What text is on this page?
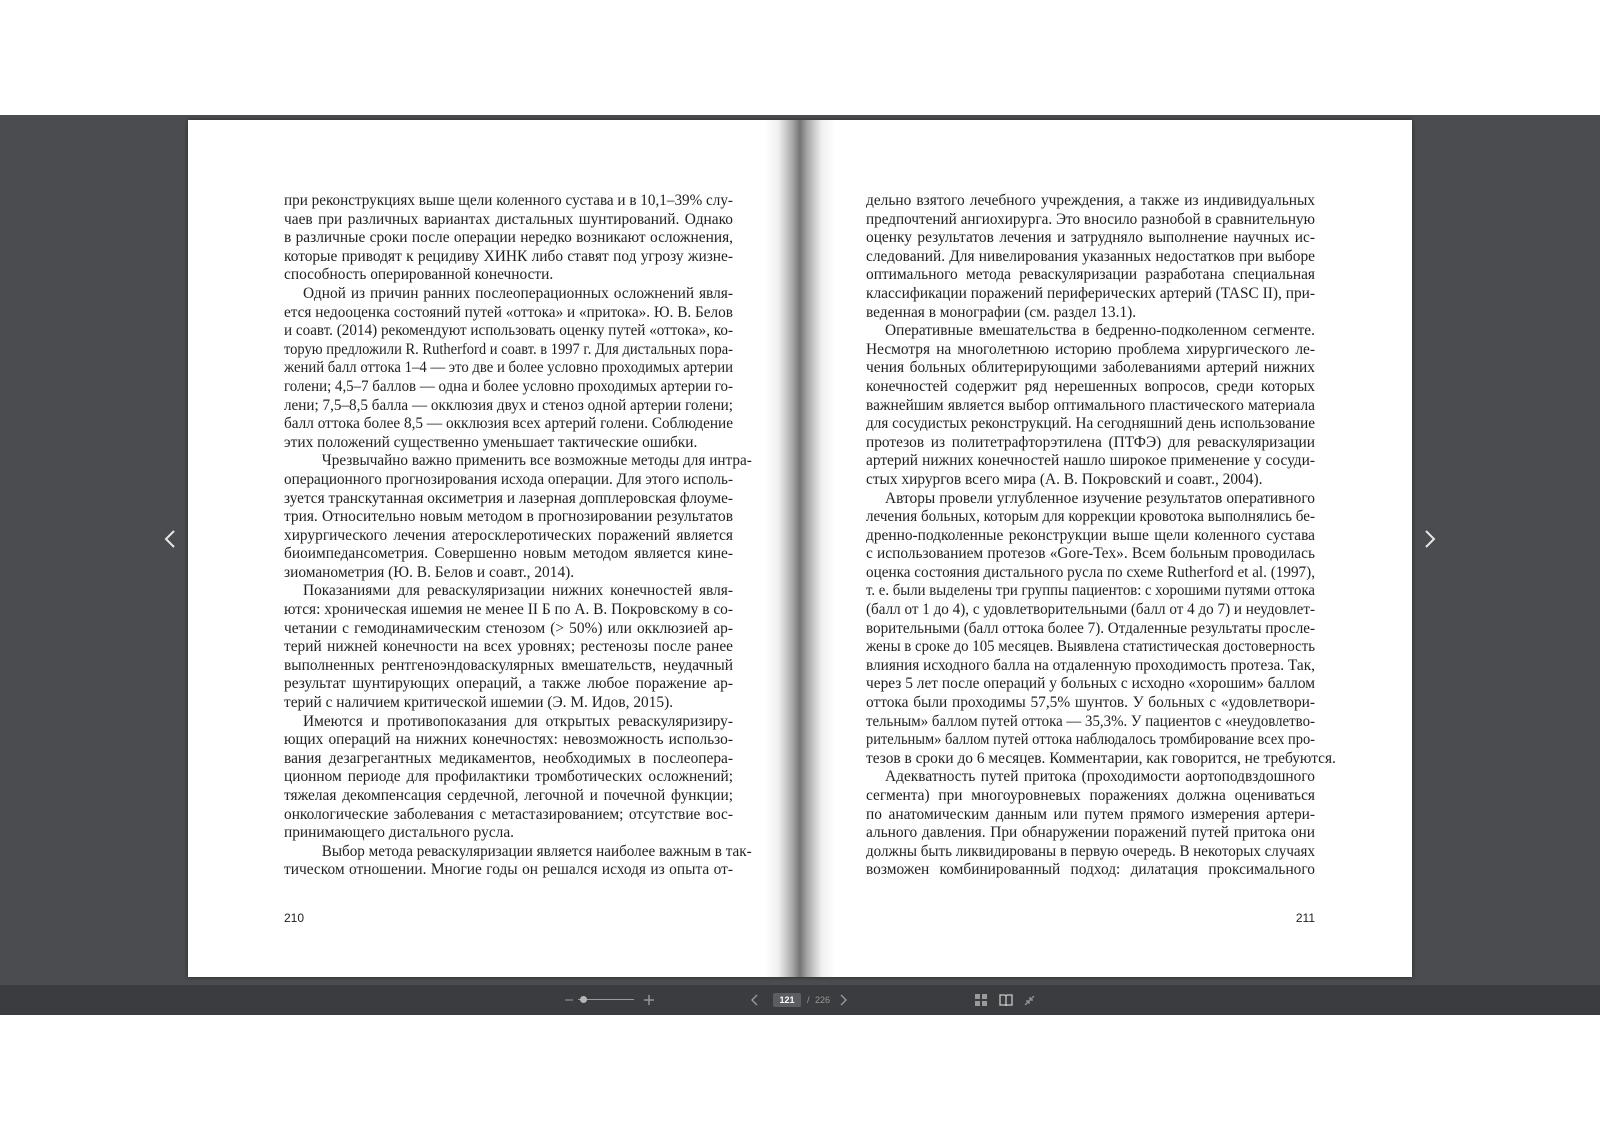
при реконструкциях выше щели коленного сустава и в 10,1–39% слу-
чаев при различных вариантах дистальных шунтирований. Однако
в различные сроки после операции нередко возникают осложнения,
которые приводят к рецидиву ХИНК либо ставят под угрозу жизне-
способность оперированной конечности.
Одной из причин ранних послеоперационных осложнений явля-
ется недооценка состояний путей «оттока» и «притока». Ю. В. Белов
и соавт. (2014) рекомендуют использовать оценку путей «оттока», ко-
торую предложили R. Rutherford и соавт. в 1997 г. Для дистальных пора-
жений балл оттока 1–4 — это две и более условно проходимых артерии
голени; 4,5–7 баллов — одна и более условно проходимых артерии го-
лени; 7,5–8,5 балла — окклюзия двух и стеноз одной артерии голени;
балл оттока более 8,5 — окклюзия всех артерий голени. Соблюдение
этих положений существенно уменьшает тактические ошибки.
Чрезвычайно важно применить все возможные методы для интра-
операционного прогнозирования исхода операции. Для этого исполь-
зуется транскутанная оксиметрия и лазерная допплеровская флоуме-
трия. Относительно новым методом в прогнозировании результатов
хирургического лечения атеросклеротических поражений является
биоимпедансометрия. Совершенно новым методом является кине-
зиоманометрия (Ю. В. Белов и соавт., 2014).
Показаниями для реваскуляризации нижних конечностей явля-
ются: хроническая ишемия не менее II Б по А. В. Покровскому в со-
четании с гемодинамическим стенозом (> 50%) или окклюзией ар-
терий нижней конечности на всех уровнях; рестенозы после ранее
выполненных рентгеноэндоваскулярных вмешательств, неудачный
результат шунтирующих операций, а также любое поражение ар-
терий с наличием критической ишемии (Э. М. Идов, 2015).
Имеются и противопоказания для открытых реваскуляризиру-
ющих операций на нижних конечностях: невозможность использо-
вания дезагрегантных медикаментов, необходимых в послеопера-
ционном периоде для профилактики тромботических осложнений;
тяжелая декомпенсация сердечной, легочной и почечной функции;
онкологические заболевания с метастазированием; отсутствие вос-
принимающего дистального русла.
Выбор метода реваскуляризации является наиболее важным в так-
тическом отношении. Многие годы он решался исходя из опыта от-
210
дельно взятого лечебного учреждения, а также из индивидуальных
предпочтений ангиохирурга. Это вносило разнобой в сравнительную
оценку результатов лечения и затрудняло выполнение научных ис-
следований. Для нивелирования указанных недостатков при выборе
оптимального метода реваскуляризации разработана специальная
классификации поражений периферических артерий (TASC II), при-
веденная в монографии (см. раздел 13.1).
Оперативные вмешательства в бедренно-подколенном сегменте.
Несмотря на многолетнюю историю проблема хирургического ле-
чения больных облитерирующими заболеваниями артерий нижних
конечностей содержит ряд нерешенных вопросов, среди которых
важнейшим является выбор оптимального пластического материала
для сосудистых реконструкций. На сегодняшний день использование
протезов из политетрафторэтилена (ПТФЭ) для реваскуляризации
артерий нижних конечностей нашло широкое применение у сосуди-
стых хирургов всего мира (А. В. Покровский и соавт., 2004).
Авторы провели углубленное изучение результатов оперативного
лечения больных, которым для коррекции кровотока выполнялись бе-
дренно-подколенные реконструкции выше щели коленного сустава
с использованием протезов «Gore-Tex». Всем больным проводилась
оценка состояния дистального русла по схеме Rutherford et al. (1997),
т. е. были выделены три группы пациентов: с хорошими путями оттока
(балл от 1 до 4), с удовлетворительными (балл от 4 до 7) и неудовлет-
ворительными (балл оттока более 7). Отдаленные результаты просле-
жены в сроке до 105 месяцев. Выявлена статистическая достоверность
влияния исходного балла на отдаленную проходимость протеза. Так,
через 5 лет после операций у больных с исходно «хорошим» баллом
оттока были проходимы 57,5% шунтов. У больных с «удовлетвори-
тельным» баллом путей оттока — 35,3%. У пациентов с «неудовлетво-
рительным» баллом путей оттока наблюдалось тромбирование всех про-
тезов в сроки до 6 месяцев. Комментарии, как говорится, не требуются.
Адекватность путей притока (проходимости аортоподвздошного
сегмента) при многоуровневых поражениях должна оцениваться
по анатомическим данным или путем прямого измерения артери-
ального давления. При обнаружении поражений путей притока они
должны быть ликвидированы в первую очередь. В некоторых случаях
возможен комбинированный подход: дилатация проксимального
211
121	/ 226
